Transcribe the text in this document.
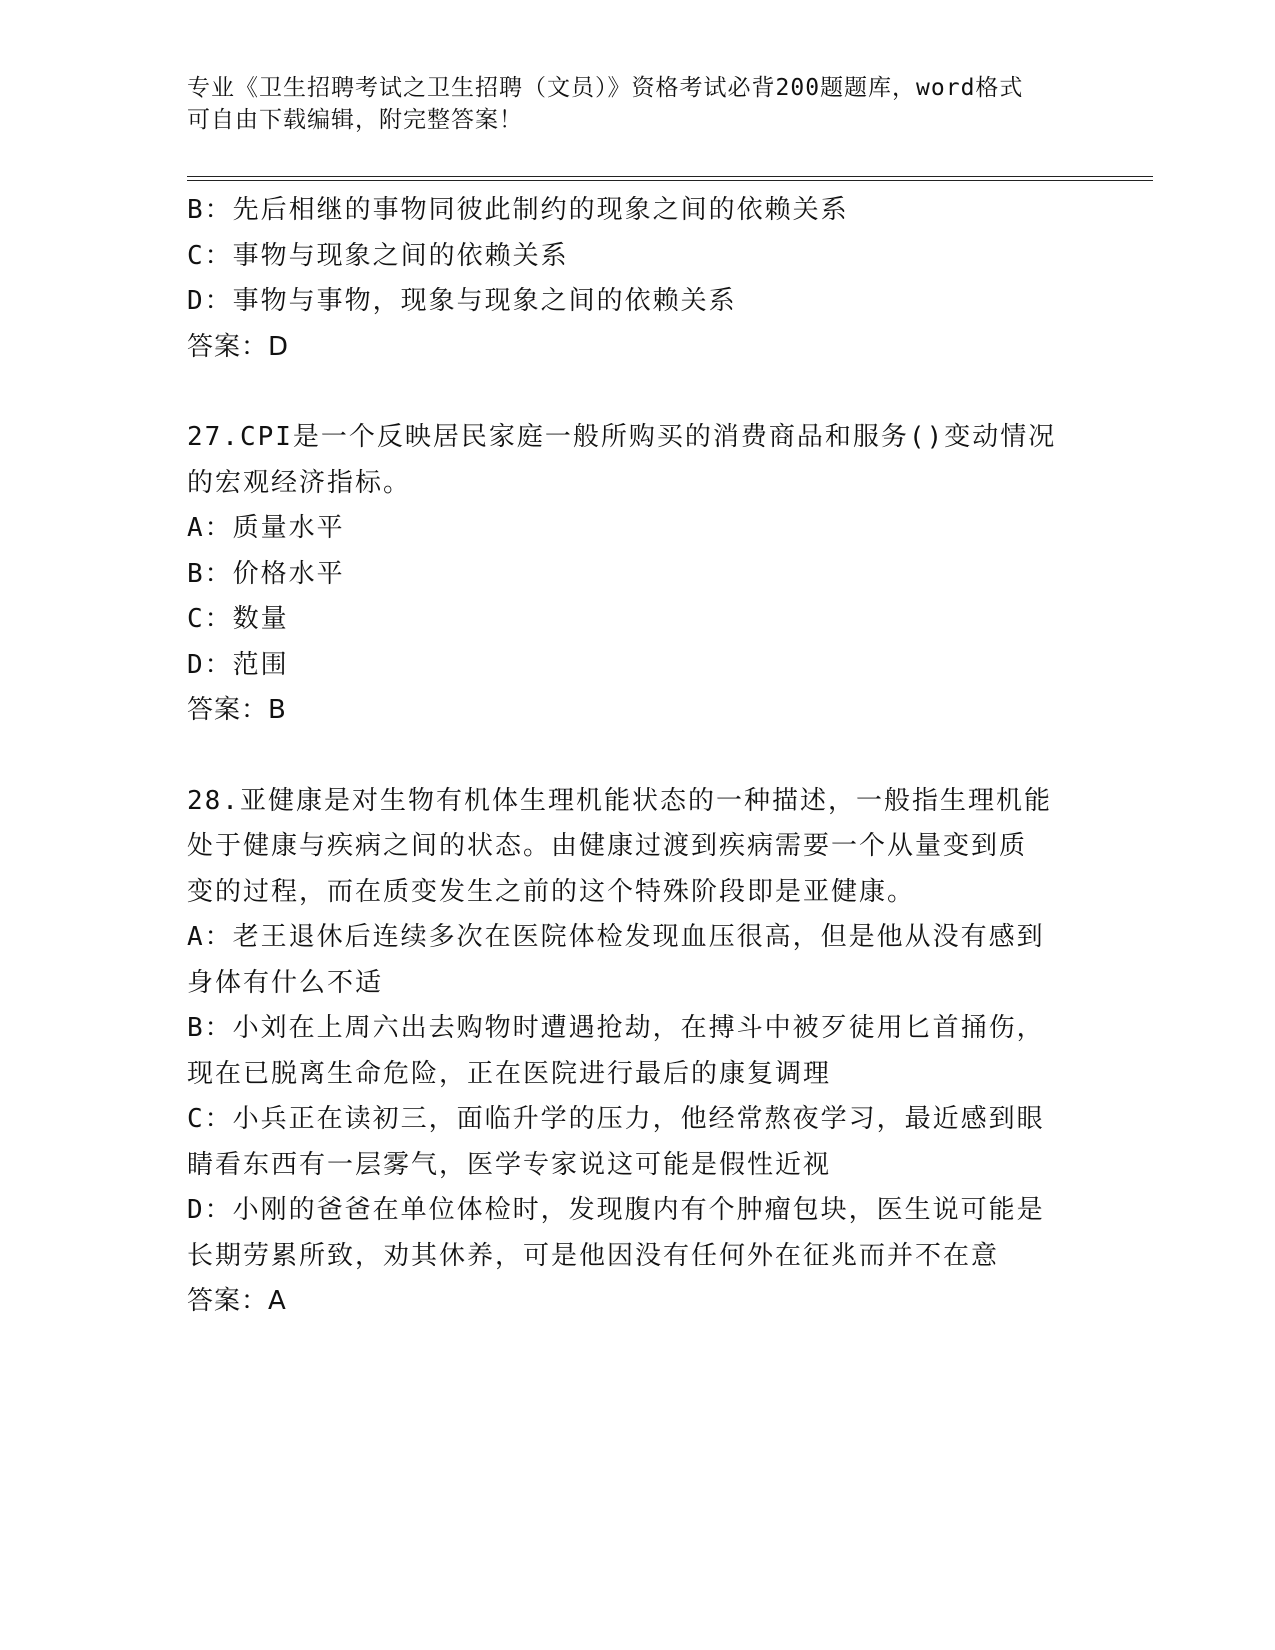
专业《卫生招聘考试之卫生招聘（文员）》资格考试必背200题题库，word格式
可自由下载编辑，附完整答案！
B：先后相继的事物同彼此制约的现象之间的依赖关系
C：事物与现象之间的依赖关系
D：事物与事物，现象与现象之间的依赖关系
答案：D
27.CPI是一个反映居民家庭一般所购买的消费商品和服务()变动情况
的宏观经济指标。
A：质量水平
B：价格水平
C：数量
D：范围
答案：B
28.亚健康是对生物有机体生理机能状态的一种描述，一般指生理机能
处于健康与疾病之间的状态。由健康过渡到疾病需要一个从量变到质
变的过程，而在质变发生之前的这个特殊阶段即是亚健康。
A：老王退休后连续多次在医院体检发现血压很高，但是他从没有感到
身体有什么不适
B：小刘在上周六出去购物时遭遇抢劫，在搏斗中被歹徒用匕首捅伤，
现在已脱离生命危险，正在医院进行最后的康复调理
C：小兵正在读初三，面临升学的压力，他经常熬夜学习，最近感到眼
睛看东西有一层雾气，医学专家说这可能是假性近视
D：小刚的爸爸在单位体检时，发现腹内有个肿瘤包块，医生说可能是
长期劳累所致，劝其休养，可是他因没有任何外在征兆而并不在意
答案：A
